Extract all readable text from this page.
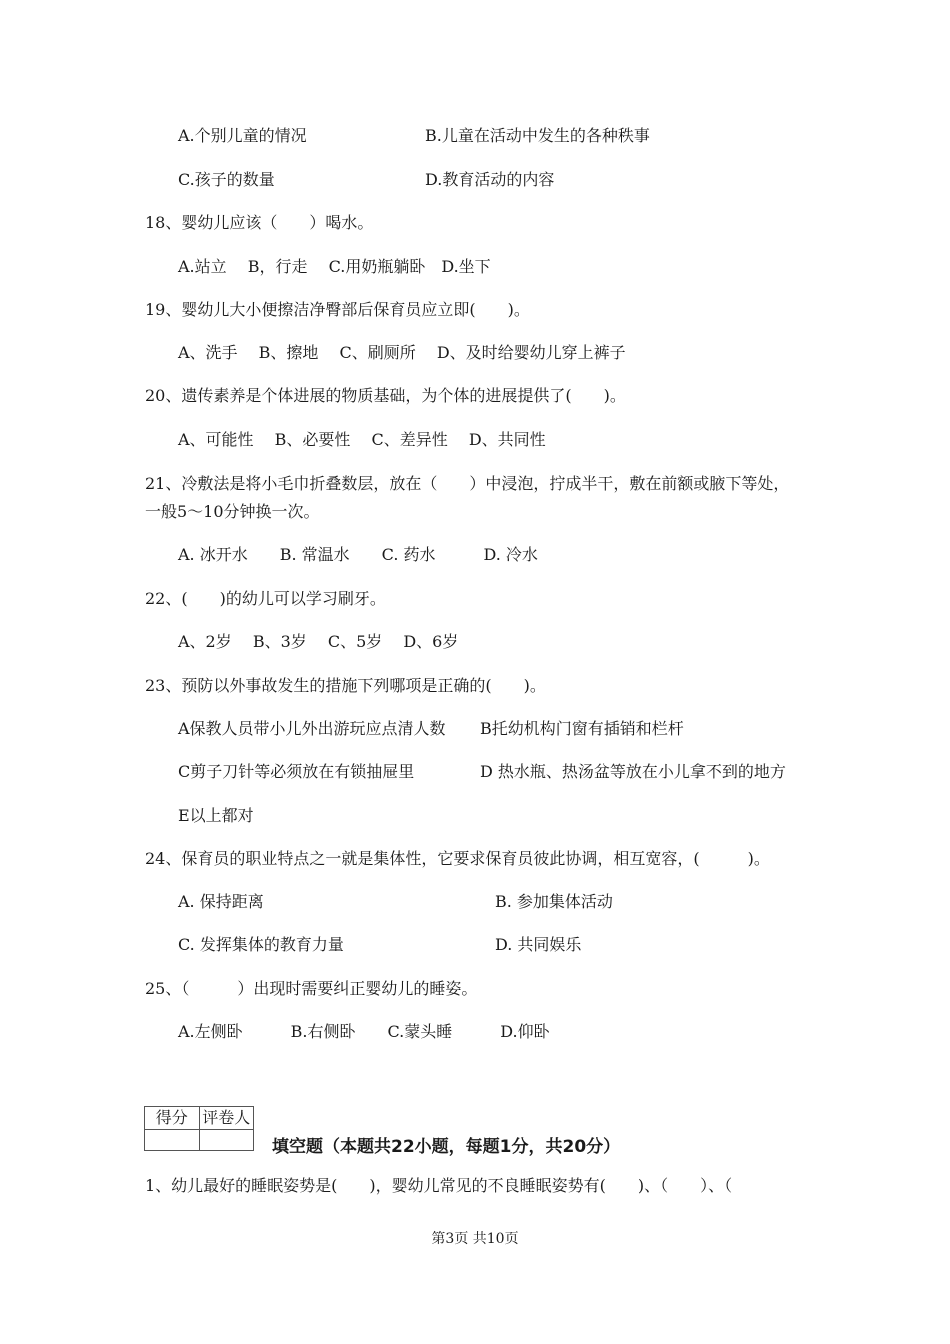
A.个别儿童的情况	B.儿童在活动中发生的各种秩事
C.孩子的数量	D.教育活动的内容
18、婴幼儿应该（　　）喝水。
A.站立　 B，行走　 C.用奶瓶躺卧　D.坐下
19、婴幼儿大小便擦洁净臀部后保育员应立即(　　)。
A、洗手　 B、擦地　 C、刷厕所　 D、及时给婴幼儿穿上裤子
20、遗传素养是个体进展的物质基础，为个体的进展提供了(　　)。
A、可能性　 B、必要性　 C、差异性　 D、共同性
21、冷敷法是将小毛巾折叠数层，放在（　　）中浸泡，拧成半干，敷在前额或腋下等处，
一般5～10分钟换一次。
A. 冰开水　　B. 常温水　　C. 药水　　　D. 冷水
22、(　　)的幼儿可以学习刷牙。
A、2岁　 B、3岁　 C、5岁　 D、6岁
23、预防以外事故发生的措施下列哪项是正确的(　　)。
A保教人员带小儿外出游玩应点清人数 B托幼机构门窗有插销和栏杆
C剪子刀针等必须放在有锁抽屉里	D 热水瓶、热汤盆等放在小儿拿不到的地方
E以上都对
24、保育员的职业特点之一就是集体性，它要求保育员彼此协调，相互宽容，(　　　)。
A. 保持距离	B. 参加集体活动
C. 发挥集体的教育力量	D. 共同娱乐
25、（　　　）出现时需要纠正婴幼儿的睡姿。
A.左侧卧　　　B.右侧卧　　C.蒙头睡　　　D.仰卧
得分	评卷人

填空题（本题共22小题，每题1分，共20分）
1、幼儿最好的睡眠姿势是(　　)，婴幼儿常见的不良睡眠姿势有(　　)、（　　）、（
第3页 共10页
